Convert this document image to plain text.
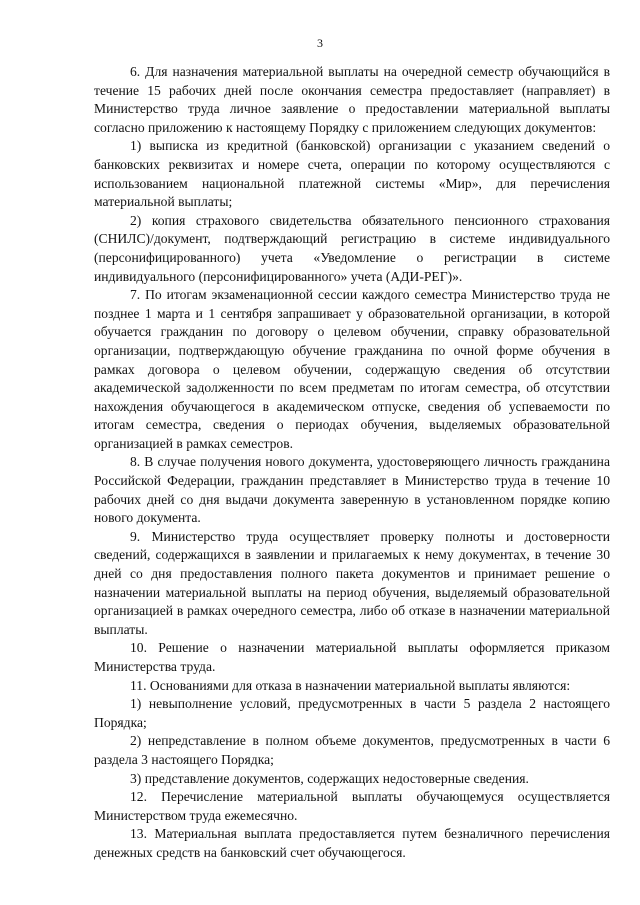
3

6. Для назначения материальной выплаты на очередной семестр обучающийся в течение 15 рабочих дней после окончания семестра предоставляет (направляет) в Министерство труда личное заявление о предоставлении материальной выплаты согласно приложению к настоящему Порядку с приложением следующих документов:

1) выписка из кредитной (банковской) организации с указанием сведений о банковских реквизитах и номере счета, операции по которому осуществляются с использованием национальной платежной системы «Мир», для перечисления материальной выплаты;

2) копия страхового свидетельства обязательного пенсионного страхования (СНИЛС)/документ, подтверждающий регистрацию в системе индивидуального (персонифицированного) учета «Уведомление о регистрации в системе индивидуального (персонифицированного» учета (АДИ-РЕГ)».

7. По итогам экзаменационной сессии каждого семестра Министерство труда не позднее 1 марта и 1 сентября запрашивает у образовательной организации, в которой обучается гражданин по договору о целевом обучении, справку образовательной организации, подтверждающую обучение гражданина по очной форме обучения в рамках договора о целевом обучении, содержащую сведения об отсутствии академической задолженности по всем предметам по итогам семестра, об отсутствии нахождения обучающегося в академическом отпуске, сведения об успеваемости по итогам семестра, сведения о периодах обучения, выделяемых образовательной организацией в рамках семестров.

8. В случае получения нового документа, удостоверяющего личность гражданина Российской Федерации, гражданин представляет в Министерство труда в течение 10 рабочих дней со дня выдачи документа заверенную в установленном порядке копию нового документа.

9. Министерство труда осуществляет проверку полноты и достоверности сведений, содержащихся в заявлении и прилагаемых к нему документах, в течение 30 дней со дня предоставления полного пакета документов и принимает решение о назначении материальной выплаты на период обучения, выделяемый образовательной организацией в рамках очередного семестра, либо об отказе в назначении материальной выплаты.

10. Решение о назначении материальной выплаты оформляется приказом Министерства труда.

11. Основаниями для отказа в назначении материальной выплаты являются:

1) невыполнение условий, предусмотренных в части 5 раздела 2 настоящего Порядка;

2) непредставление в полном объеме документов, предусмотренных в части 6 раздела 3 настоящего Порядка;

3) представление документов, содержащих недостоверные сведения.

12. Перечисление материальной выплаты обучающемуся осуществляется Министерством труда ежемесячно.

13. Материальная выплата предоставляется путем безналичного перечисления денежных средств на банковский счет обучающегося.
